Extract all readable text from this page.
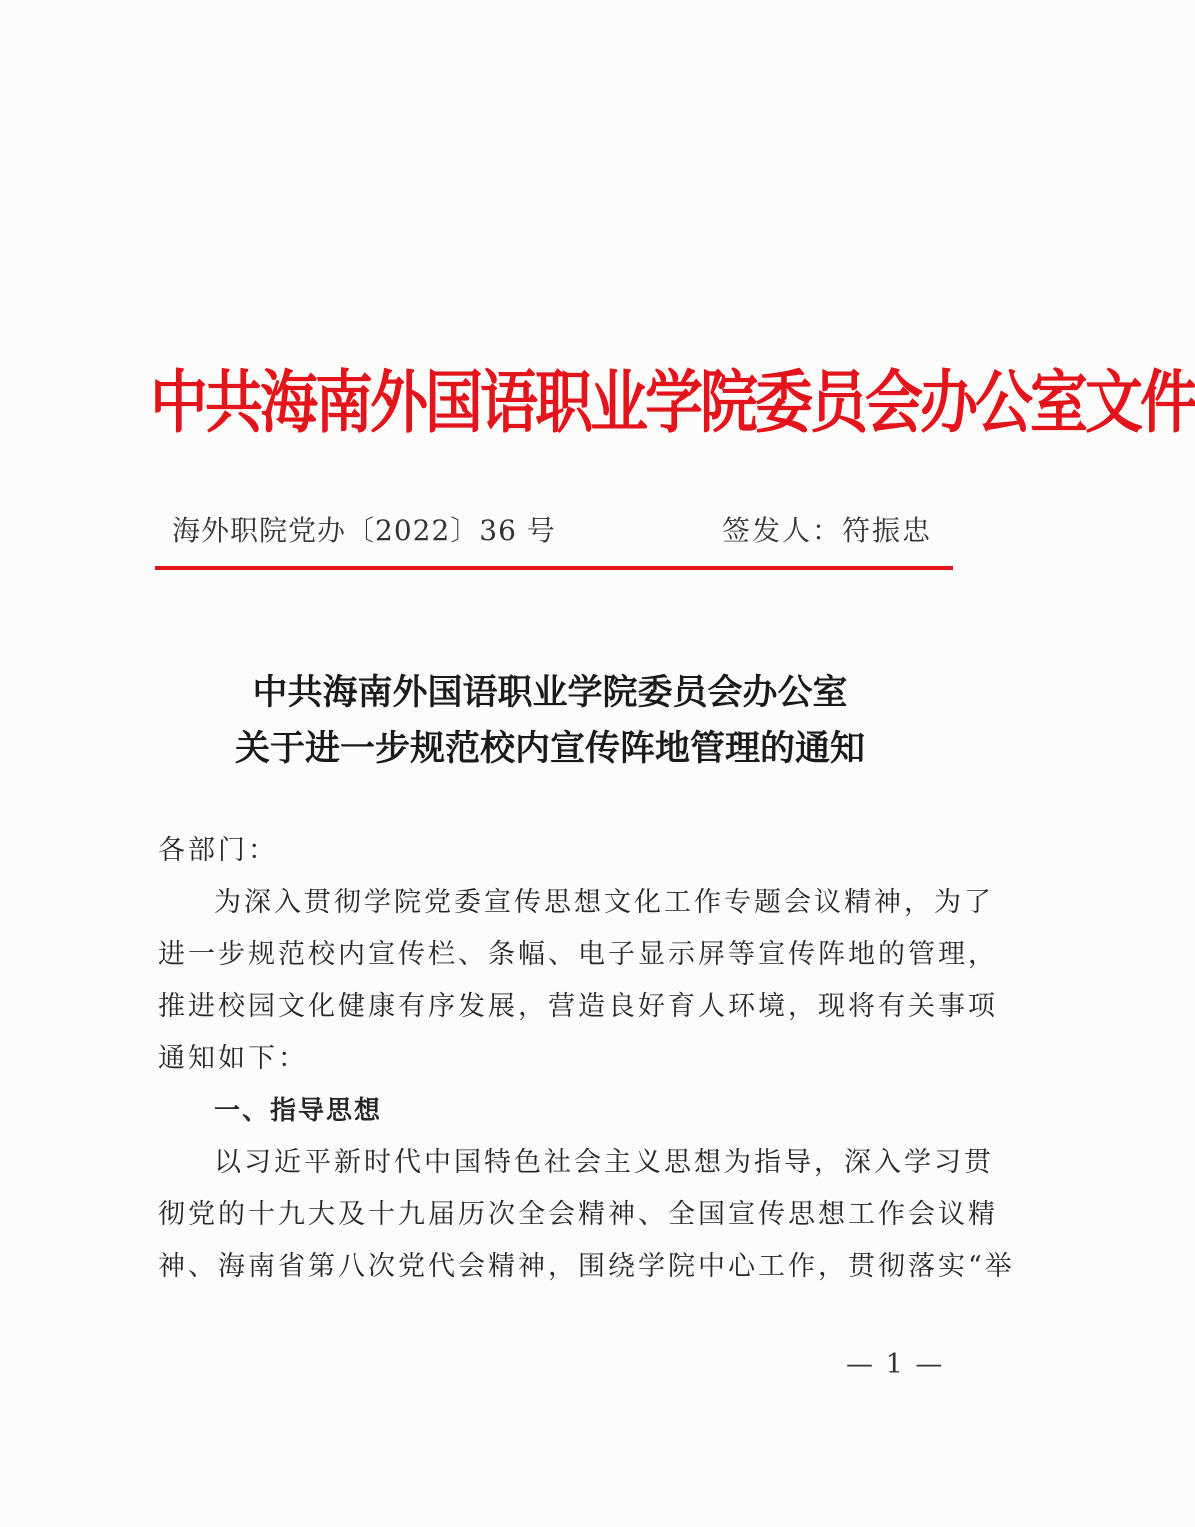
中共海南外国语职业学院委员会办公室文件
海外职院党办〔2022〕36 号	签发人：符振忠
中共海南外国语职业学院委员会办公室
关于进一步规范校内宣传阵地管理的通知
各部门：
为深入贯彻学院党委宣传思想文化工作专题会议精神，为了
进一步规范校内宣传栏、条幅、电子显示屏等宣传阵地的管理，
推进校园文化健康有序发展，营造良好育人环境，现将有关事项
通知如下：
一、指导思想
以习近平新时代中国特色社会主义思想为指导，深入学习贯
彻党的十九大及十九届历次全会精神、全国宣传思想工作会议精
神、海南省第八次党代会精神，围绕学院中心工作，贯彻落实“举
— 1 —
